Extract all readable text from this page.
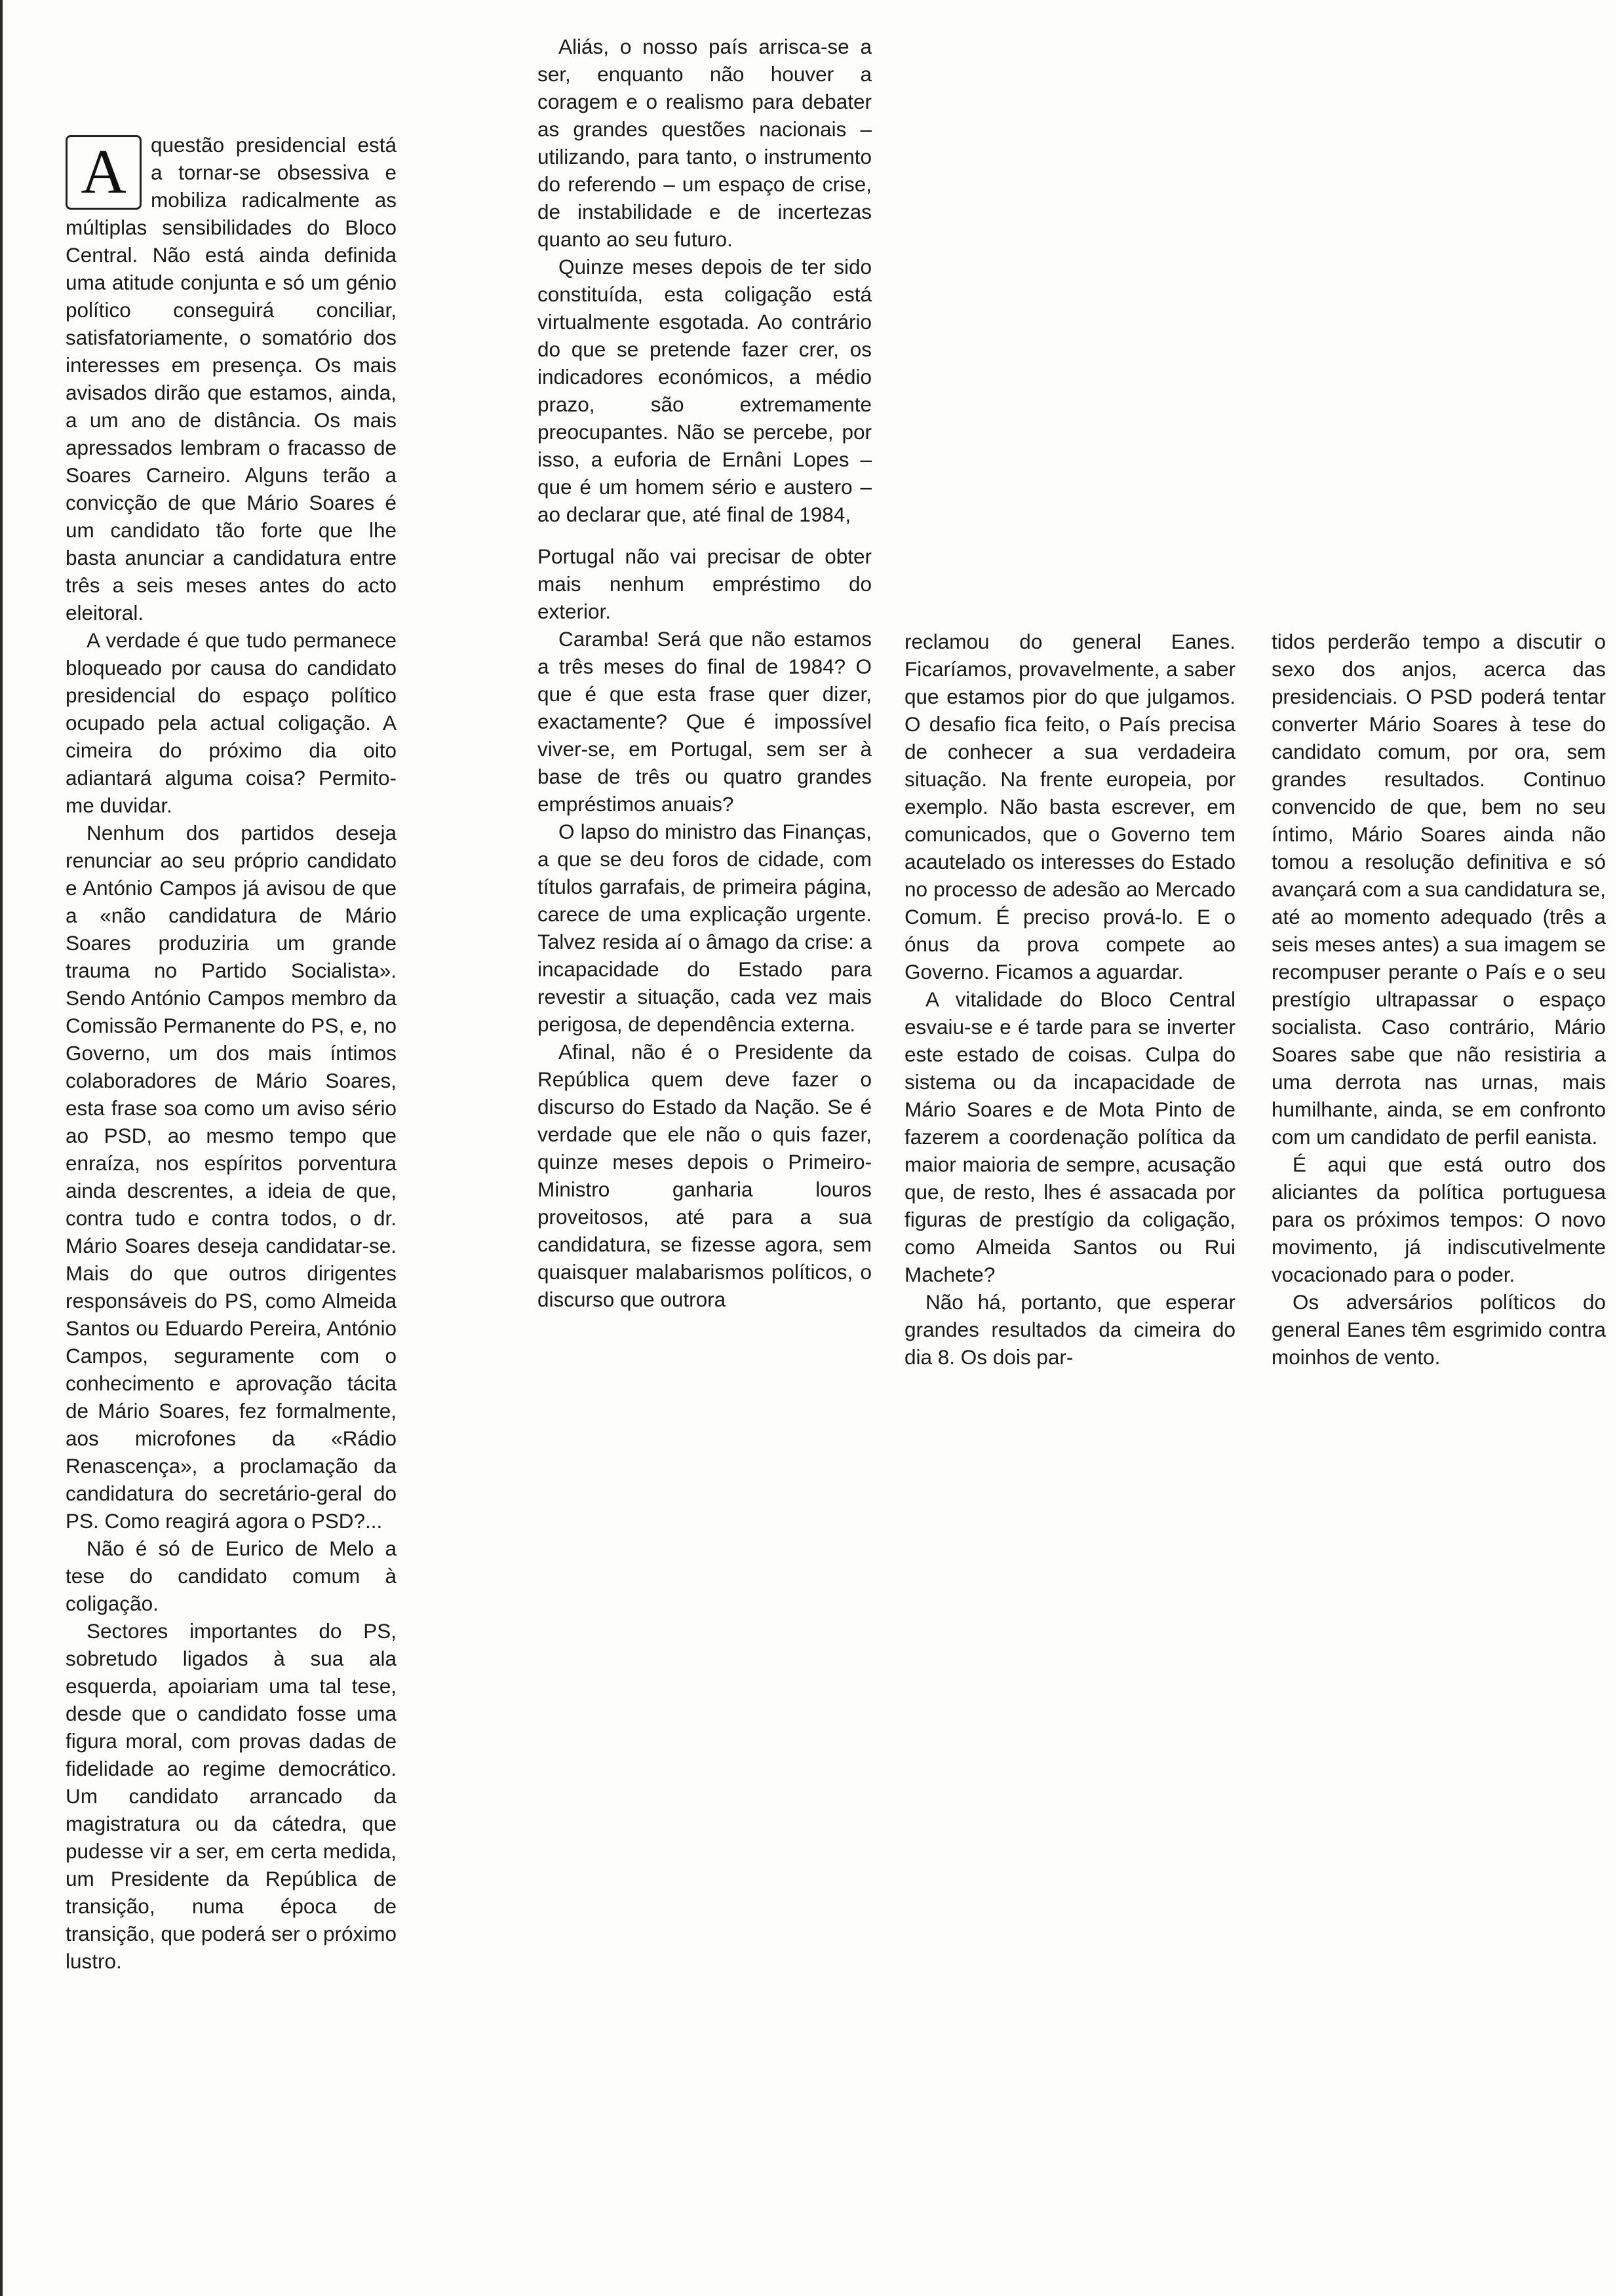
A	questão presidencial está a tornar-se obsessiva e mobiliza radicalmente as múltiplas sensibilidades do Bloco Central. Não está ainda definida uma atitude conjunta e só um génio político conseguirá conciliar, satisfatoriamente, o somatório dos interesses em presença. Os mais avisados dirão que estamos, ainda, a um ano de distância. Os mais apressados lembram o fracasso de Soares Carneiro. Alguns terão a convicção de que Mário Soares é um candidato tão forte que lhe basta anunciar a candidatura entre três a seis meses antes do acto eleitoral.

A verdade é que tudo permanece bloqueado por causa do candidato presidencial do espaço político ocupado pela actual coligação. A cimeira do próximo dia oito adiantará alguma coisa? Permito-me duvidar.

Nenhum dos partidos deseja renunciar ao seu próprio candidato e António Campos já avisou de que a «não candidatura de Mário Soares produziria um grande trauma no Partido Socialista». Sendo António Campos membro da Comissão Permanente do PS, e, no Governo, um dos mais íntimos colaboradores de Mário Soares, esta frase soa como um aviso sério ao PSD, ao mesmo tempo que enraíza, nos espíritos porventura ainda descrentes, a ideia de que, contra tudo e contra todos, o dr. Mário Soares deseja candidatar-se. Mais do que outros dirigentes responsáveis do PS, como Almeida Santos ou Eduardo Pereira, António Campos, seguramente com o conhecimento e aprovação tácita de Mário Soares, fez formalmente, aos microfones da «Rádio Renascença», a proclamação da candidatura do secretário-geral do PS. Como reagirá agora o PSD?...

Não é só de Eurico de Melo a tese do candidato comum à coligação.

Sectores importantes do PS, sobretudo ligados à sua ala esquerda, apoiariam uma tal tese, desde que o candidato fosse uma figura moral, com provas dadas de fidelidade ao regime democrático. Um candidato arrancado da magistratura ou da cátedra, que pudesse vir a ser, em certa medida, um Presidente da República de transição, numa época de transição, que poderá ser o próximo lustro.

Aliás, o nosso país arrisca-se a ser, enquanto não houver a coragem e o realismo para debater as grandes questões nacionais – utilizando, para tanto, o instrumento do referendo – um espaço de crise, de instabilidade e de incertezas quanto ao seu futuro.

Quinze meses depois de ter sido constituída, esta coligação está virtualmente esgotada. Ao contrário do que se pretende fazer crer, os indicadores económicos, a médio prazo, são extremamente preocupantes. Não se percebe, por isso, a euforia de Ernâni Lopes – que é um homem sério e austero – ao declarar que, até final de 1984,

Portugal não vai precisar de obter mais nenhum empréstimo do exterior.

Caramba! Será que não estamos a três meses do final de 1984? O que é que esta frase quer dizer, exactamente? Que é impossível viver-se, em Portugal, sem ser à base de três ou quatro grandes empréstimos anuais?

O lapso do ministro das Finanças, a que se deu foros de cidade, com títulos garrafais, de primeira página, carece de uma explicação urgente. Talvez resida aí o âmago da crise: a incapacidade do Estado para revestir a situação, cada vez mais perigosa, de dependência externa.

Afinal, não é o Presidente da República quem deve fazer o discurso do Estado da Nação. Se é verdade que ele não o quis fazer, quinze meses depois o Primeiro-Ministro ganharia louros proveitosos, até para a sua candidatura, se fizesse agora, sem quaisquer malabarismos políticos, o discurso que outrora

reclamou do general Eanes. Ficaríamos, provavelmente, a saber que estamos pior do que julgamos. O desafio fica feito, o País precisa de conhecer a sua verdadeira situação. Na frente europeia, por exemplo. Não basta escrever, em comunicados, que o Governo tem acautelado os interesses do Estado no processo de adesão ao Mercado Comum. É preciso prová-lo. E o ónus da prova compete ao Governo. Ficamos a aguardar.

A vitalidade do Bloco Central esvaiu-se e é tarde para se inverter este estado de coisas. Culpa do sistema ou da incapacidade de Mário Soares e de Mota Pinto de fazerem a coordenação política da maior maioria de sempre, acusação que, de resto, lhes é assacada por figuras de prestígio da coligação, como Almeida Santos ou Rui Machete?

Não há, portanto, que esperar grandes resultados da cimeira do dia 8. Os dois par-

tidos perderão tempo a discutir o sexo dos anjos, acerca das presidenciais. O PSD poderá tentar converter Mário Soares à tese do candidato comum, por ora, sem grandes resultados. Continuo convencido de que, bem no seu íntimo, Mário Soares ainda não tomou a resolução definitiva e só avançará com a sua candidatura se, até ao momento adequado (três a seis meses antes) a sua imagem se recompuser perante o País e o seu prestígio ultrapassar o espaço socialista. Caso contrário, Mário Soares sabe que não resistiria a uma derrota nas urnas, mais humilhante, ainda, se em confronto com um candidato de perfil eanista.

É aqui que está outro dos aliciantes da política portuguesa para os próximos tempos: O novo movimento, já indiscutivelmente vocacionado para o poder.

Os adversários políticos do general Eanes têm esgrimido contra moinhos de vento.
